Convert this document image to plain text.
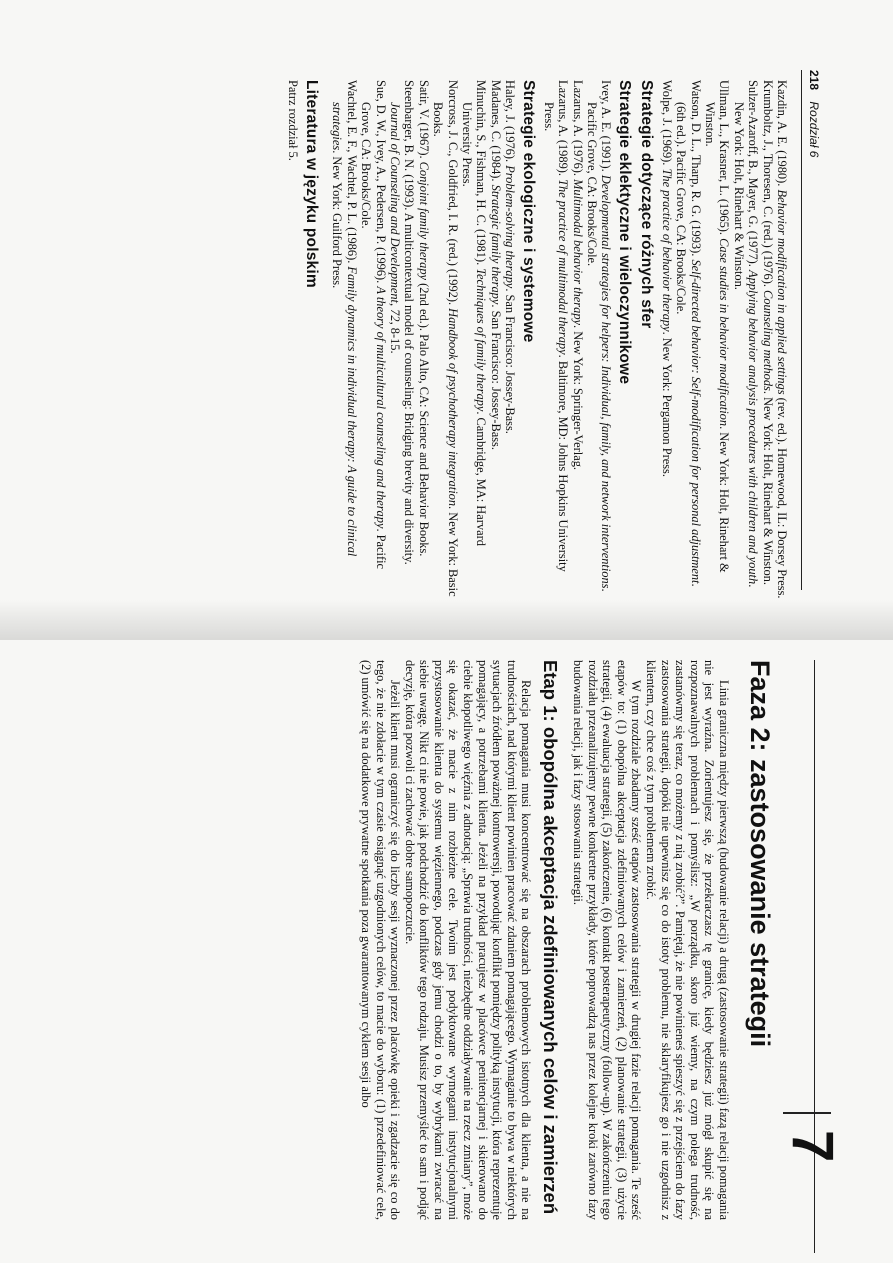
218 Rozdział 6

Kazdin, A. E. (1980). Behavior modification in applied settings (rev. ed.). Homewood, IL: Dorsey Press.

Krumboltz, J., Thoresen, C. (red.) (1976). Counseling methods. New York: Holt, Rinehart & Winston.

Sulzer-Azaroff, B., Mayer, G. (1977). Applying behavior analysis procedures with children and youth. New York: Holt, Rinehart & Winston.

Ullman, L., Krasner, L. (1965). Case studies in behavior modification. New York: Holt, Rinehart & Winston.

Watson, D. L., Tharp, R. G. (1993). Self-directed behavior: Self-modification for personal adjustment. (6th ed.). Pacific Grove, CA: Brooks/Cole.

Wolpe, J. (1969). The practice of behavior therapy. New York: Pergamon Press.

Strategie dotyczące różnych sfer
Strategie eklektyczne i wieloczynnikowe

Ivey, A. E. (1991). Developmental strategies for helpers: Individual, family, and network interventions. Pacific Grove, CA: Brooks/Cole.

Lazarus, A. (1976). Multimodal behavior therapy. New York: Springer-Verlag.

Lazarus, A. (1989). The practice of multimodal therapy. Baltimore, MD: Johns Hopkins University Press.

Strategie ekologiczne i systemowe

Haley, J. (1976). Problem-solving therapy. San Francisco: Jossey-Bass.

Madanes, C. (1984). Strategic family therapy. San Francisco: Jossey-Bass.

Minuchin, S., Fishman, H. C. (1981). Techniques of family therapy. Cambridge, MA: Harvard University Press.

Norcross, J. C., Goldfried, I. R. (red.) (1992). Handbook of psychotherapy integration. New York: Basic Books.

Satir, V. (1967). Conjoint family therapy (2nd ed.). Palo Alto, CA: Science and Behavior Books.

Steenbarger, B. N. (1993). A multicontextual model of counseling: Bridging brevity and diversity. Journal of Counseling and Development, 72, 8-15.

Sue, D. W., Ivey, A., Pedersen, P. (1996). A theory of multicultural counseling and therapy. Pacific Grove, CA: Brooks/Cole.

Wachtel, E. F., Wachtel, P. L. (1986). Family dynamics in individual therapy: A guide to clinical strategies. New York: Guilford Press.

Literatura w języku polskim

Patrz rozdział 5.

7
Faza 2: zastosowanie strategii

Linia graniczna między pierwszą (budowanie relacji) a drugą (zastosowanie strategii) fazą relacji pomagania nie jest wyraźna. Zorientujesz się, że przekraczasz tę granicę, kiedy będziesz już mógł skupić się na rozpoznawalnych problemach i pomyślisz: „W porządku, skoro już wiemy, na czym polega trudność, zastanówmy się teraz, co możemy z nią zrobić?”. Pamiętaj, że nie powinieneś spieszyć się z przejściem do fazy zastosowania strategii, dopóki nie upewnisz się co do istoty problemu, nie sklaryfikujesz go i nie uzgodnisz z klientem, czy chce coś z tym problemem zrobić.

W tym rozdziale zbadamy sześć etapów zastosowania strategii w drugiej fazie relacji pomagania. Te sześć etapów to: (1) obopólna akceptacja zdefiniowanych celów i zamierzeń, (2) planowanie strategii, (3) użycie strategii, (4) ewaluacja strategii, (5) zakończenie, (6) kontakt posterapeutyczny (follow-up). W zakończeniu tego rozdziału przeanalizujemy pewne konkretne przykłady, które poprowadzą nas przez kolejne kroki zarówno fazy budowania relacji, jak i fazy stosowania strategii.

Etap 1: obopólna akceptacja zdefiniowanych celów i zamierzeń

Relacja pomagania musi koncentrować się na obszarach problemowych istotnych dla klienta, a nie na trudnościach, nad którymi klient powinien pracować zdaniem pomagającego. Wymaganie to bywa w niektórych sytuacjach źródłem poważnej kontrowersji, powodując konflikt pomiędzy polityką instytucji, która reprezentuje pomagający, a potrzebami klienta. Jeżeli na przykład pracujesz w placówce penitencjarnej i skierowano do ciebie kłopotliwego więźnia z adnotacją: „Sprawia trudności, niezbędne oddziaływanie na rzecz zmiany”, może się okazać, że macie z nim rozbieżne cele. Twoim jest podyktowane wymogami instytucjonalnymi przystosowanie klienta do systemu więziennego, podczas gdy jemu chodzi o to, by wybrykami zwracać na siebie uwagę. Nikt ci nie powie, jak podchodzić do konfliktów tego rodzaju. Musisz przemyśleć to sam i podjąć decyzję, która pozwoli ci zachować dobre samopoczucie.

Jeżeli klient musi ograniczyć się do liczby sesji wyznaczonej przez placówkę opieki i zgadzacie się co do tego, że nie zdołacie w tym czasie osiągnąć uzgodnionych celów, to macie do wyboru: (1) przedefiniować cele, (2) umówić się na dodatkowe prywatne spotkania poza gwarantowanym cyklem sesji albo
